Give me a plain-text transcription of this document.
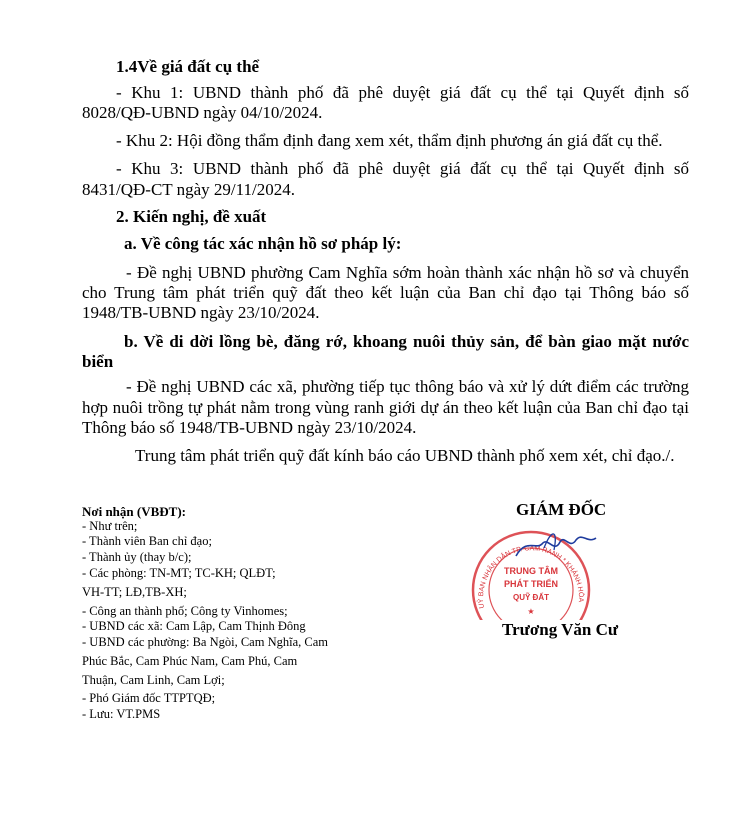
1.4Về giá đất cụ thể
- Khu 1: UBND thành phố đã phê duyệt giá đất cụ thể tại Quyết định số
8028/QĐ-UBND ngày 04/10/2024.
- Khu 2: Hội đồng thẩm định đang xem xét, thẩm định phương án giá đất cụ thể.
- Khu 3: UBND thành phố đã phê duyệt giá đất cụ thể tại Quyết định số
8431/QĐ-CT ngày 29/11/2024.
2. Kiến nghị, đề xuất
a. Về công tác xác nhận hồ sơ pháp lý:
- Đề nghị UBND phường Cam Nghĩa sớm hoàn thành xác nhận hồ sơ và chuyển
cho Trung tâm phát triển quỹ đất theo kết luận của Ban chỉ đạo tại Thông báo số
1948/TB-UBND ngày 23/10/2024.
b. Về di dời lồng bè, đăng rớ, khoang nuôi thủy sản, để bàn giao mặt nước
biển
- Đề nghị UBND các xã, phường tiếp tục thông báo và xử lý dứt điểm các trường
hợp nuôi trồng tự phát nằm trong vùng ranh giới dự án theo kết luận của Ban chỉ đạo tại
Thông báo số 1948/TB-UBND ngày 23/10/2024.
Trung tâm phát triển quỹ đất kính báo cáo UBND thành phố xem xét, chỉ đạo./.
Nơi nhận (VBĐT):
- Như trên;
- Thành viên Ban chỉ đạo;
- Thành ủy (thay b/c);
- Các phòng: TN-MT; TC-KH; QLĐT;
VH-TT; LĐ,TB-XH;
- Công an thành phố; Công ty Vinhomes;
- UBND các xã: Cam Lập, Cam Thịnh Đông
- UBND các phường: Ba Ngòi, Cam Nghĩa, Cam
Phúc Bắc, Cam Phúc Nam, Cam Phú, Cam
Thuận, Cam Linh, Cam Lợi;
- Phó Giám đốc TTPTQĐ;
- Lưu: VT.PMS
GIÁM ĐỐC
UỶ BAN NHÂN DÂN TP. CAM RANH * KHÁNH HÒA
TRUNG TÂM
PHÁT TRIỂN
QUỸ ĐẤT
★
Trương Văn Cư
